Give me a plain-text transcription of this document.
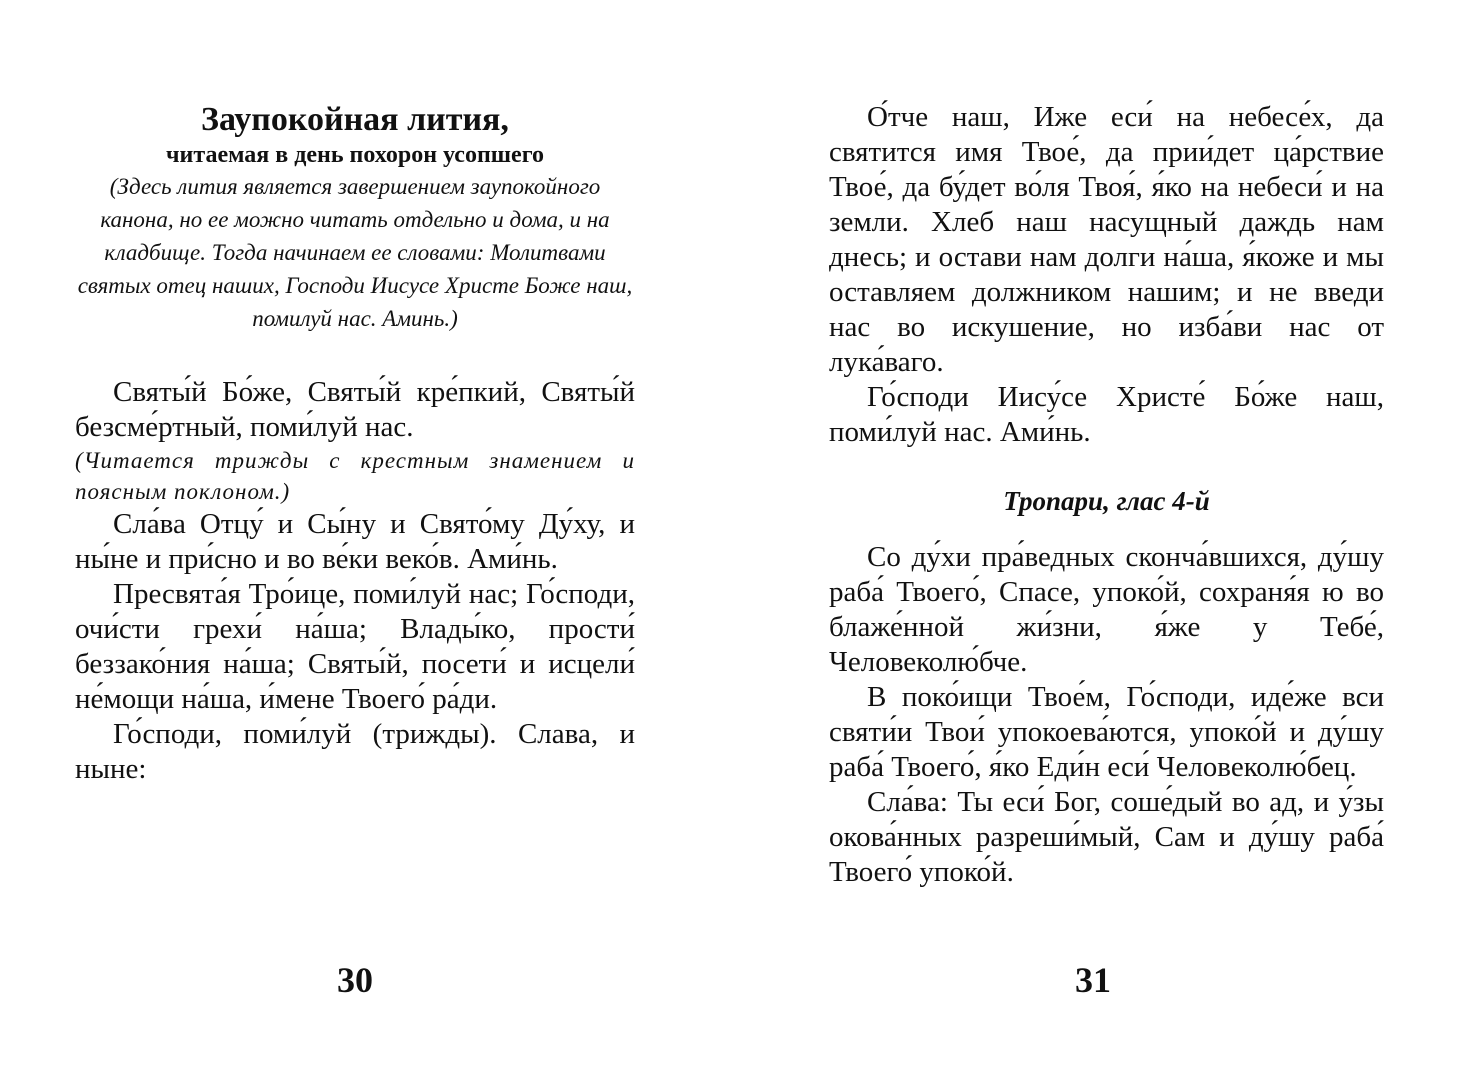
Заупокойная лития,
читаемая в день похорон усопшего

(Здесь лития является завершением заупокойного канона, но ее можно читать отдельно и дома, и на кладбище. Тогда начинаем ее словами: Молитвами святых отец наших, Господи Иисусе Христе Боже наш, помилуй нас. Аминь.)

Святы́й Бо́же, Святы́й кре́пкий, Святы́й безсме́ртный, поми́луй нас.

(Читается трижды с крестным знамением и поясным поклоном.)

Сла́ва Отцу́ и Сы́ну и Свято́му Ду́ху, и ны́не и при́сно и во ве́ки веко́в. Ами́нь.

Пресвята́я Тро́ице, поми́луй нас; Го́споди, очи́сти грехи́ на́ша; Влады́ко, прости́ беззако́ния на́ша; Святы́й, посети́ и исцели́ не́мощи на́ша, и́мене Твоего́ ра́ди.

Го́споди, поми́луй (трижды). Слава, и ныне:

30

О́тче наш, Иже еси́ на небесе́х, да святится имя Твое́, да прии́дет ца́рствие Твое́, да бу́дет во́ля Твоя́, я́ко на небеси́ и на земли. Хлеб наш насущный даждь нам днесь; и остави нам долги на́ша, я́коже и мы оставляем должником нашим; и не введи нас во искушение, но изба́ви нас от лука́ваго.

Го́споди Иису́се Христе́ Бо́же наш, поми́луй нас. Ами́нь.

Тропари, глас 4-й

Со ду́хи пра́ведных сконча́вшихся, ду́шу раба́ Твоего́, Спасе, упоко́й, сохраня́я ю во блаже́нной жи́зни, я́же у Тебе́, Человеколю́бче.

В поко́ищи Твое́м, Го́споди, иде́же вси святи́и Твои́ упокоева́ются, упоко́й и ду́шу раба́ Твоего́, я́ко Еди́н еси́ Человеколю́бец.

Сла́ва: Ты еси́ Бог, соше́дый во ад, и у́зы окова́нных разреши́мый, Сам и ду́шу раба́ Твоего́ упоко́й.

31
